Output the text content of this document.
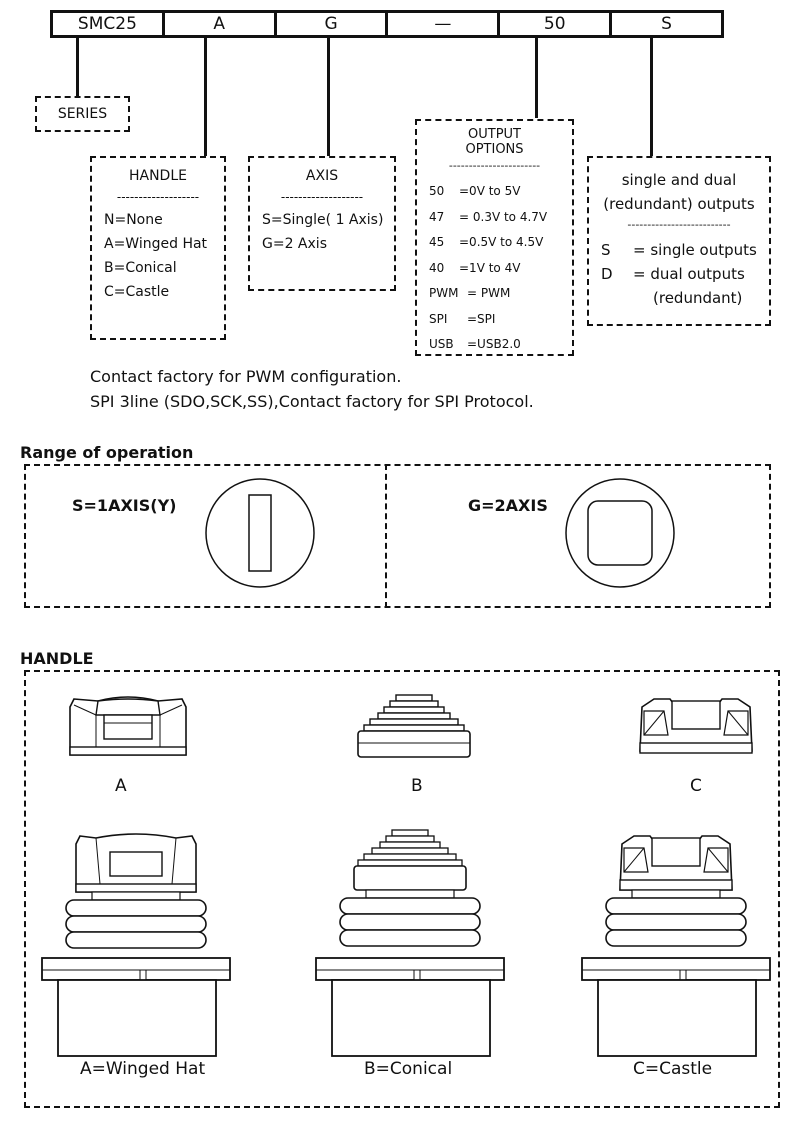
SMC25	A	G	—	50	S
SERIES
HANDLE
-------------------
N=None
A=Winged Hat
B=Conical
C=Castle
AXIS
-------------------
S=Single( 1 Axis)
G=2 Axis
OUTPUT
OPTIONS
-----------------------
50 =0V to 5V
47 = 0.3V to 4.7V
45 =0.5V to 4.5V
40 =1V to 4V
PWM = PWM
SPI =SPI
USB =USB2.0
single and dual
(redundant) outputs
--------------------------
S = single outputs
D = dual outputs
(redundant)
Contact factory for PWM configuration.
SPI 3line (SDO,SCK,SS),Contact factory for SPI Protocol.
Range of operation
S=1AXIS(Y)	G=2AXIS
HANDLE
A	B	C
A=Winged Hat	B=Conical	C=Castle
